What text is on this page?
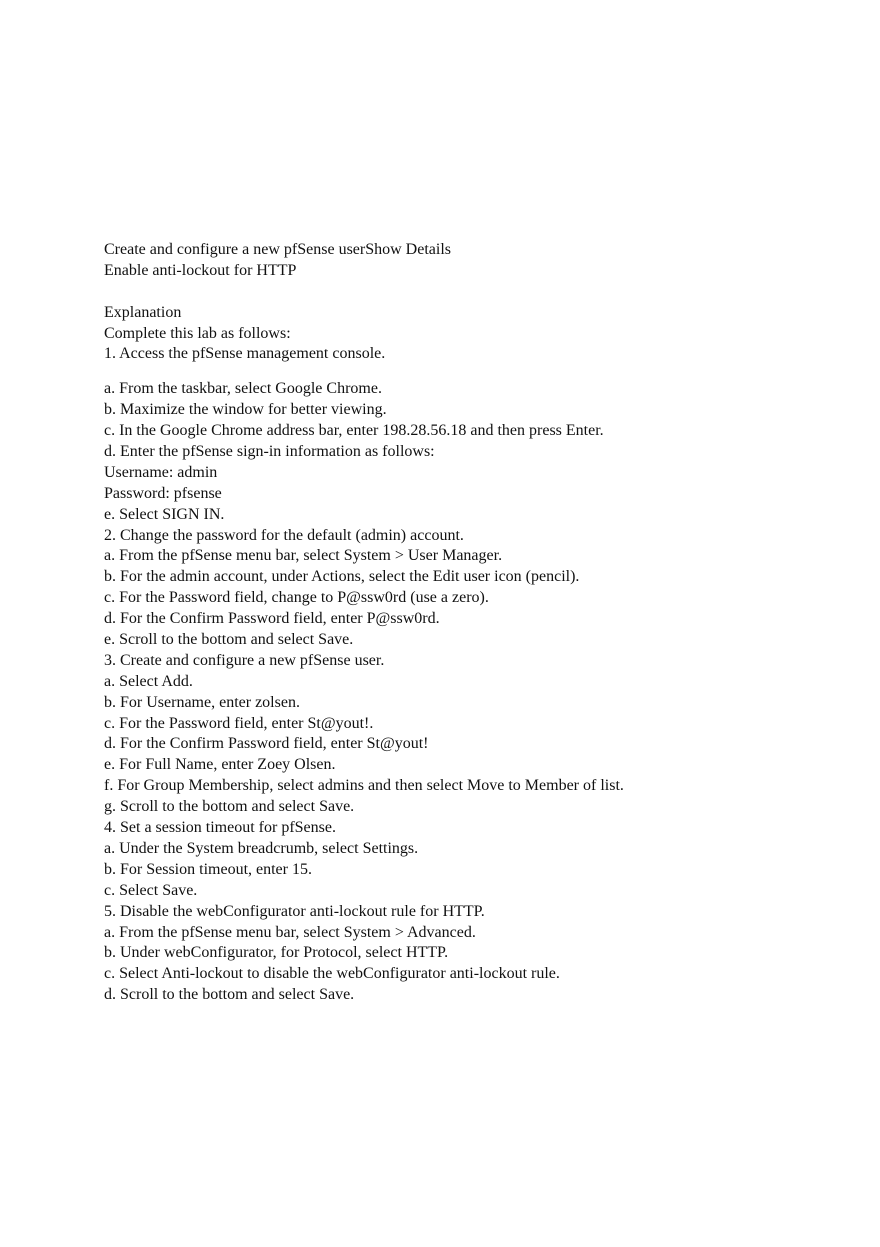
Create and configure a new pfSense userShow Details
Enable anti-lockout for HTTP
Explanation
Complete this lab as follows:
1. Access the pfSense management console.
a. From the taskbar, select Google Chrome.
b. Maximize the window for better viewing.
c. In the Google Chrome address bar, enter 198.28.56.18 and then press Enter.
d. Enter the pfSense sign-in information as follows:
Username: admin
Password: pfsense
e. Select SIGN IN.
2. Change the password for the default (admin) account.
a. From the pfSense menu bar, select System > User Manager.
b. For the admin account, under Actions, select the Edit user icon (pencil).
c. For the Password field, change to P@ssw0rd (use a zero).
d. For the Confirm Password field, enter P@ssw0rd.
e. Scroll to the bottom and select Save.
3. Create and configure a new pfSense user.
a. Select Add.
b. For Username, enter zolsen.
c. For the Password field, enter St@yout!.
d. For the Confirm Password field, enter St@yout!
e. For Full Name, enter Zoey Olsen.
f. For Group Membership, select admins and then select Move to Member of list.
g. Scroll to the bottom and select Save.
4. Set a session timeout for pfSense.
a. Under the System breadcrumb, select Settings.
b. For Session timeout, enter 15.
c. Select Save.
5. Disable the webConfigurator anti-lockout rule for HTTP.
a. From the pfSense menu bar, select System > Advanced.
b. Under webConfigurator, for Protocol, select HTTP.
c. Select Anti-lockout to disable the webConfigurator anti-lockout rule.
d. Scroll to the bottom and select Save.
